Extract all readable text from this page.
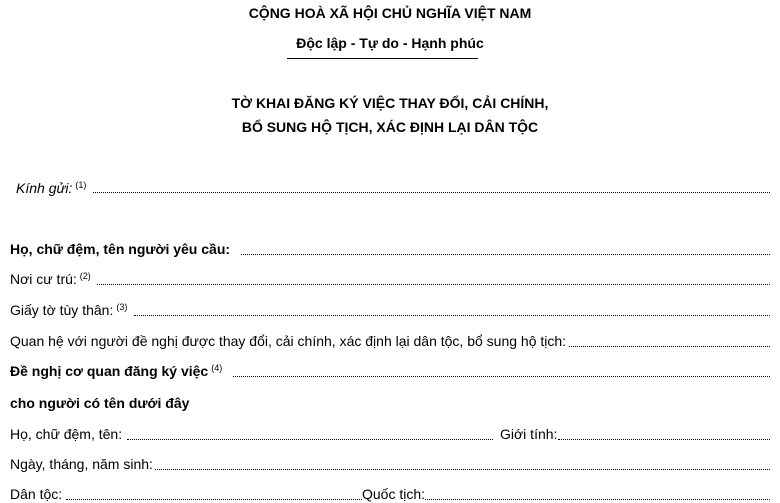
CỘNG HOÀ XÃ HỘI CHỦ NGHĨA VIỆT NAM
Độc lập - Tự do - Hạnh phúc
TỜ KHAI ĐĂNG KÝ VIỆC THAY ĐỔI, CẢI CHÍNH,
BỔ SUNG HỘ TỊCH, XÁC ĐỊNH LẠI DÂN TỘC
Kính gửi: $^{(1)}$
Họ, chữ đệm, tên người yêu cầu:
Nơi cư trú: $^{(2)}$
Giấy tờ tùy thân: $^{(3)}$
Quan hệ với người đề nghị được thay đổi, cải chính, xác định lại dân tộc, bổ sung hộ tịch:
Đề nghị cơ quan đăng ký việc $^{(4)}$
cho người có tên dưới đây
Họ, chữ đệm, tên:	Giới tính:
Ngày, tháng, năm sinh:
Dân tộc:	Quốc tịch:
